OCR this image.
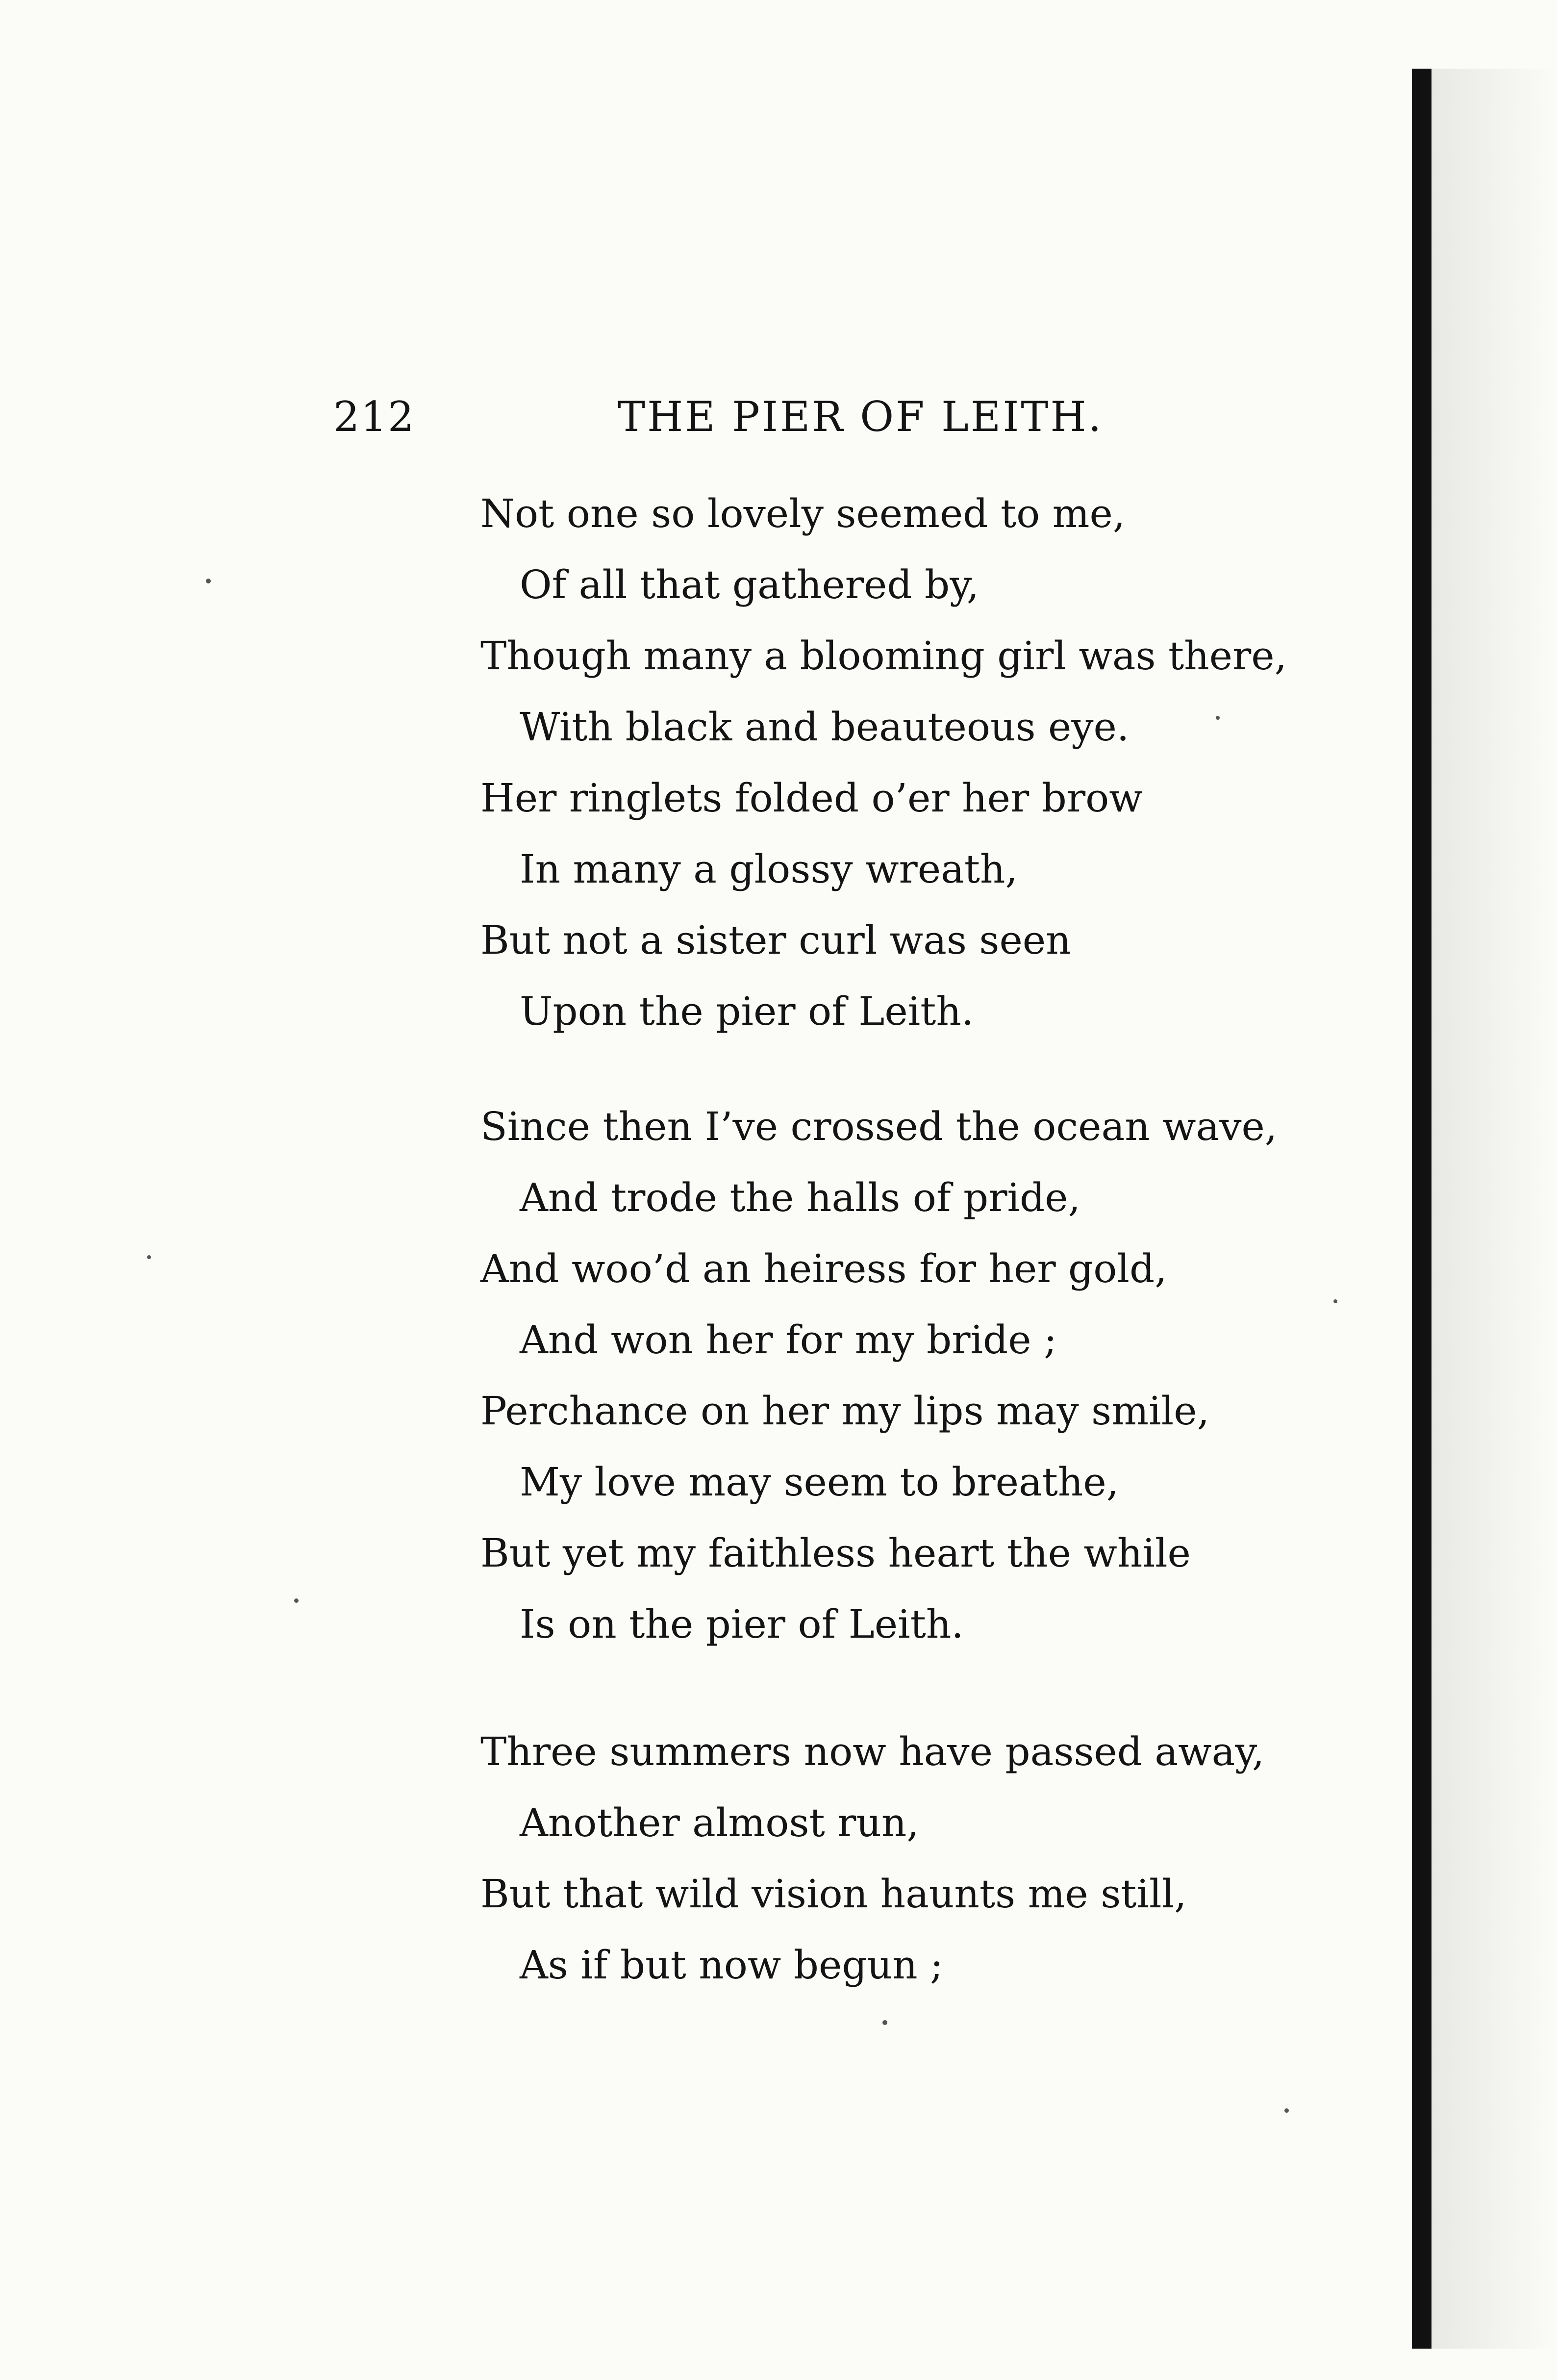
212	THE PIER OF LEITH.
Not one so lovely seemed to me,
Of all that gathered by,
Though many a blooming girl was there,
With black and beauteous eye.
Her ringlets folded o’er her brow
In many a glossy wreath,
But not a sister curl was seen
Upon the pier of Leith.
Since then I’ve crossed the ocean wave,
And trode the halls of pride,
And woo’d an heiress for her gold,
And won her for my bride ;
Perchance on her my lips may smile,
My love may seem to breathe,
But yet my faithless heart the while
Is on the pier of Leith.
Three summers now have passed away,
Another almost run,
But that wild vision haunts me still,
As if but now begun ;
